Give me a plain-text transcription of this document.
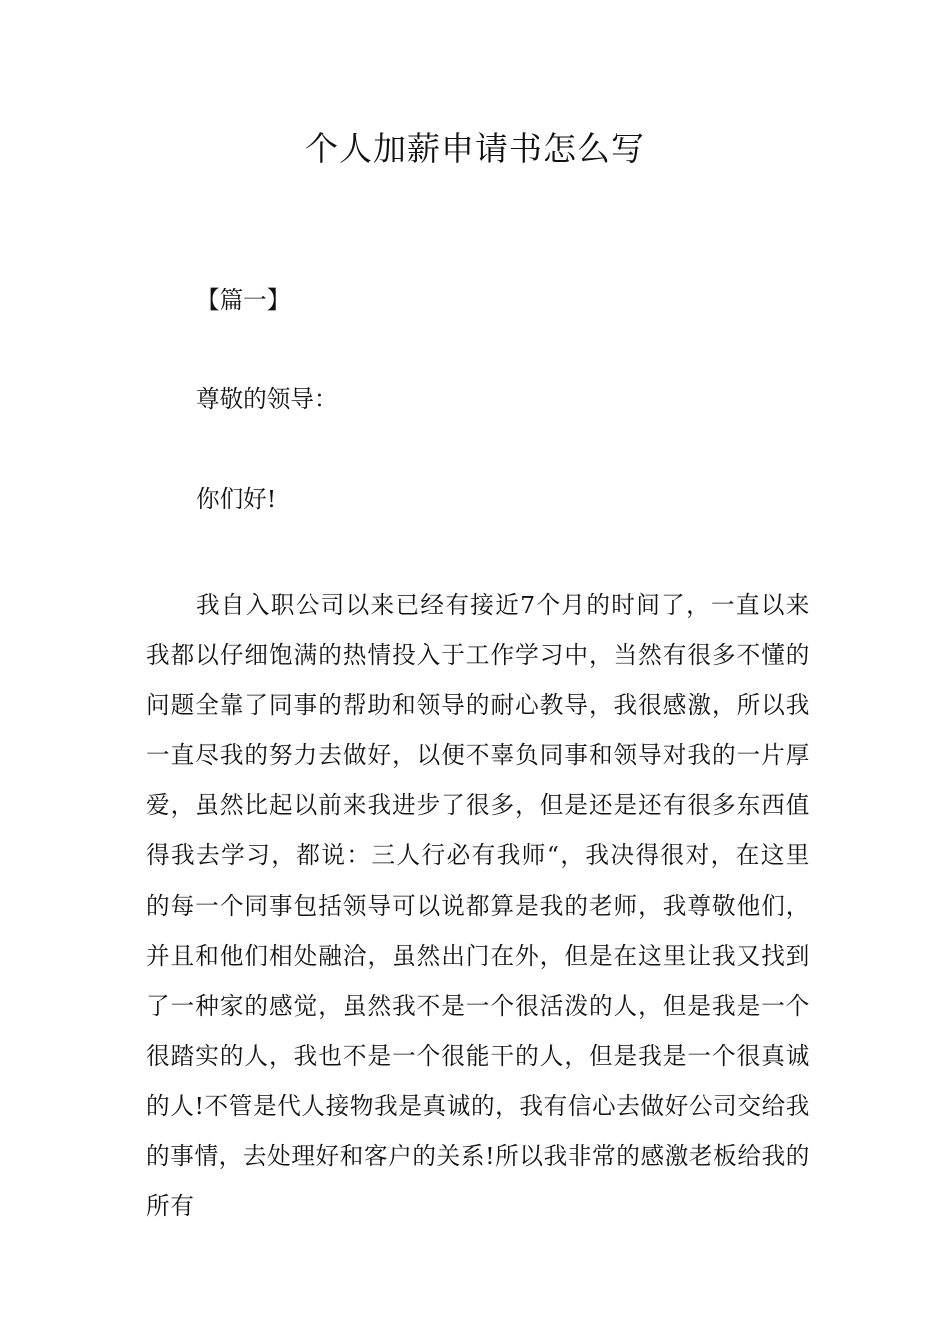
个人加薪申请书怎么写
【篇一】
尊敬的领导：
你们好!

我自入职公司以来已经有接近7个月的时间了，一直以来我都以仔细饱满的热情投入于工作学习中，当然有很多不懂的问题全靠了同事的帮助和领导的耐心教导，我很感激，所以我一直尽我的努力去做好，以便不辜负同事和领导对我的一片厚爱，虽然比起以前来我进步了很多，但是还是还有很多东西值得我去学习，都说：三人行必有我师“，我决得很对，在这里的每一个同事包括领导可以说都算是我的老师，我尊敬他们，并且和他们相处融洽，虽然出门在外，但是在这里让我又找到了一种家的感觉，虽然我不是一个很活泼的人，但是我是一个很踏实的人，我也不是一个很能干的人，但是我是一个很真诚的人!不管是代人接物我是真诚的，我有信心去做好公司交给我的事情，去处理好和客户的关系!所以我非常的感激老板给我的所有
